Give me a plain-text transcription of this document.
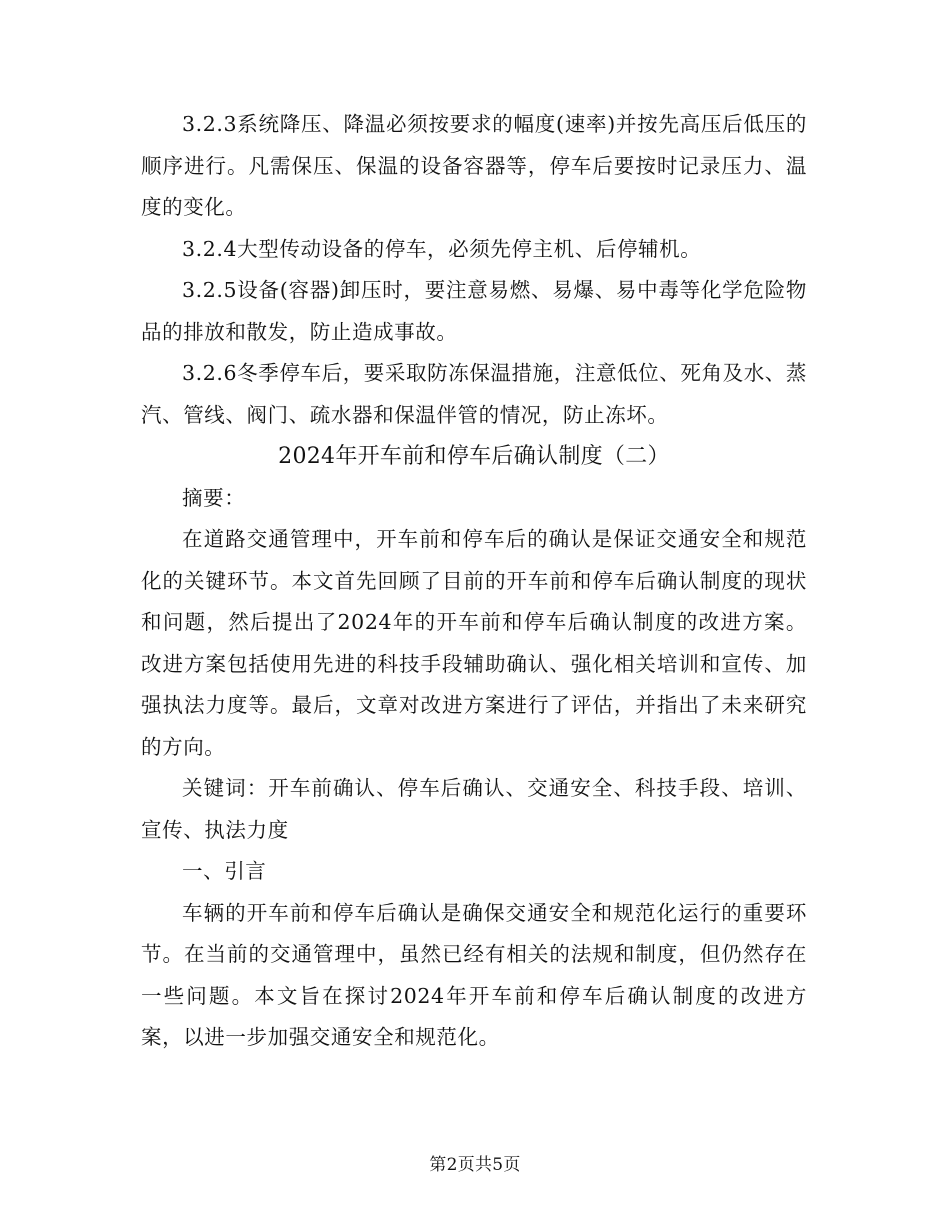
3.2.3系统降压、降温必须按要求的幅度(速率)并按先高压后低压的顺序进行。凡需保压、保温的设备容器等，停车后要按时记录压力、温度的变化。

3.2.4大型传动设备的停车，必须先停主机、后停辅机。

3.2.5设备(容器)卸压时，要注意易燃、易爆、易中毒等化学危险物品的排放和散发，防止造成事故。

3.2.6冬季停车后，要采取防冻保温措施，注意低位、死角及水、蒸汽、管线、阀门、疏水器和保温伴管的情况，防止冻坏。

2024年开车前和停车后确认制度（二）

摘要：

在道路交通管理中，开车前和停车后的确认是保证交通安全和规范化的关键环节。本文首先回顾了目前的开车前和停车后确认制度的现状和问题，然后提出了2024年的开车前和停车后确认制度的改进方案。改进方案包括使用先进的科技手段辅助确认、强化相关培训和宣传、加强执法力度等。最后，文章对改进方案进行了评估，并指出了未来研究的方向。

关键词：开车前确认、停车后确认、交通安全、科技手段、培训、宣传、执法力度

一、引言

车辆的开车前和停车后确认是确保交通安全和规范化运行的重要环节。在当前的交通管理中，虽然已经有相关的法规和制度，但仍然存在一些问题。本文旨在探讨2024年开车前和停车后确认制度的改进方案，以进一步加强交通安全和规范化。

第2页共5页
